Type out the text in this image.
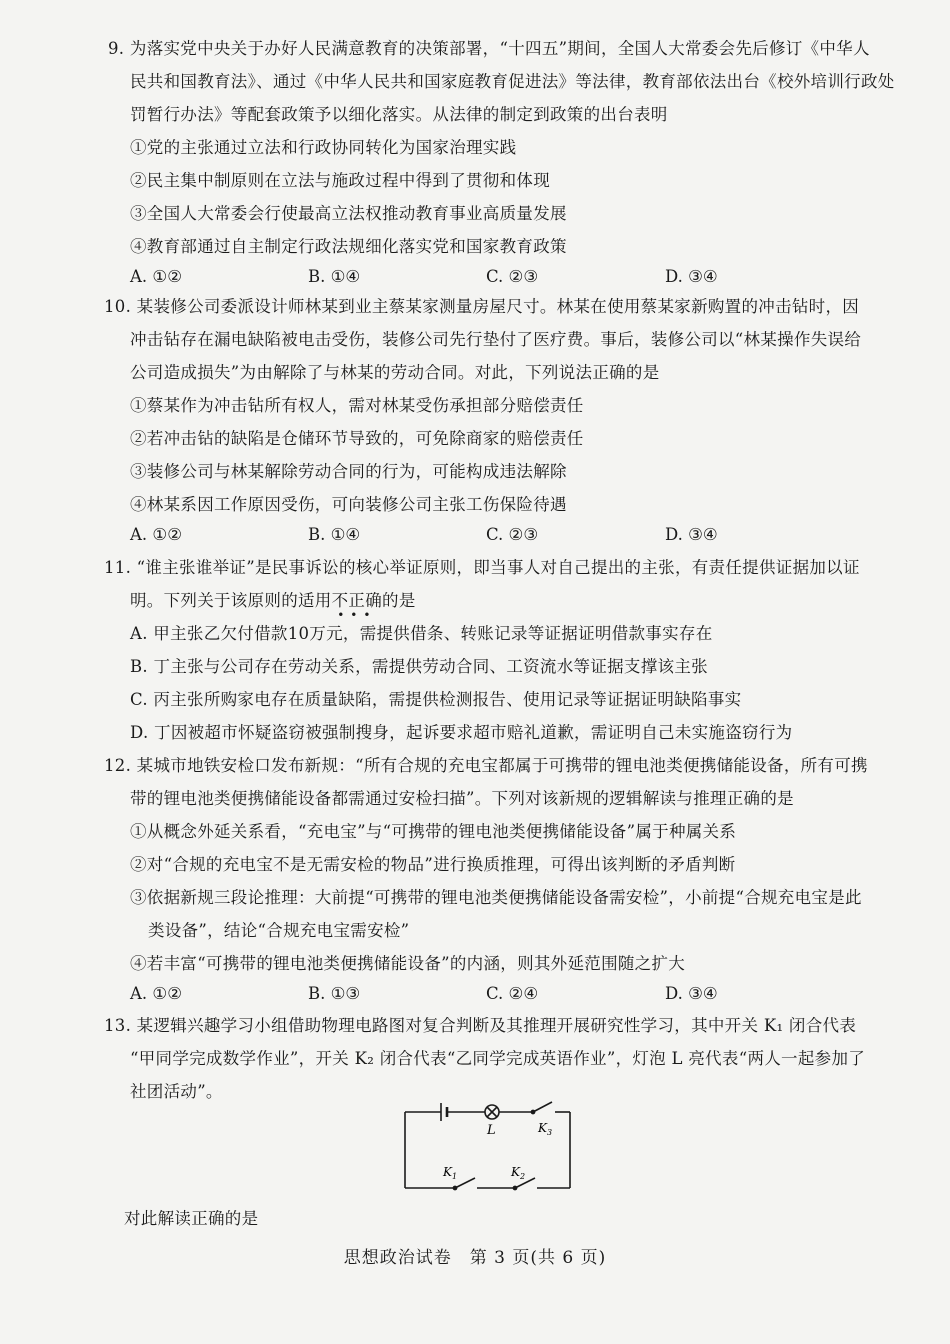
9. 为落实党中央关于办好人民满意教育的决策部署，“十四五”期间，全国人大常委会先后修订《中华人
民共和国教育法》、通过《中华人民共和国家庭教育促进法》等法律，教育部依法出台《校外培训行政处
罚暂行办法》等配套政策予以细化落实。从法律的制定到政策的出台表明
①党的主张通过立法和行政协同转化为国家治理实践
②民主集中制原则在立法与施政过程中得到了贯彻和体现
③全国人大常委会行使最高立法权推动教育事业高质量发展
④教育部通过自主制定行政法规细化落实党和国家教育政策
A. ①②	B. ①④	C. ②③	D. ③④
10. 某装修公司委派设计师林某到业主蔡某家测量房屋尺寸。林某在使用蔡某家新购置的冲击钻时，因
冲击钻存在漏电缺陷被电击受伤，装修公司先行垫付了医疗费。事后，装修公司以“林某操作失误给
公司造成损失”为由解除了与林某的劳动合同。对此，下列说法正确的是
①蔡某作为冲击钻所有权人，需对林某受伤承担部分赔偿责任
②若冲击钻的缺陷是仓储环节导致的，可免除商家的赔偿责任
③装修公司与林某解除劳动合同的行为，可能构成违法解除
④林某系因工作原因受伤，可向装修公司主张工伤保险待遇
A. ①②	B. ①④	C. ②③	D. ③④
11. “谁主张谁举证”是民事诉讼的核心举证原则，即当事人对自己提出的主张，有责任提供证据加以证
明。下列关于该原则的适用不正确
•••
的是
A. 甲主张乙欠付借款10万元，需提供借条、转账记录等证据证明借款事实存在
B. 丁主张与公司存在劳动关系，需提供劳动合同、工资流水等证据支撑该主张
C. 丙主张所购家电存在质量缺陷，需提供检测报告、使用记录等证据证明缺陷事实
D. 丁因被超市怀疑盗窃被强制搜身，起诉要求超市赔礼道歉，需证明自己未实施盗窃行为
12. 某城市地铁安检口发布新规：“所有合规的充电宝都属于可携带的锂电池类便携储能设备，所有可携
带的锂电池类便携储能设备都需通过安检扫描”。下列对该新规的逻辑解读与推理正确的是
①从概念外延关系看，“充电宝”与“可携带的锂电池类便携储能设备”属于种属关系
②对“合规的充电宝不是无需安检的物品”进行换质推理，可得出该判断的矛盾判断
③依据新规三段论推理：大前提“可携带的锂电池类便携储能设备需安检”，小前提“合规充电宝是此
类设备”，结论“合规充电宝需安检”
④若丰富“可携带的锂电池类便携储能设备”的内涵，则其外延范围随之扩大
A. ①②	B. ①③	C. ②④	D. ③④
13. 某逻辑兴趣学习小组借助物理电路图对复合判断及其推理开展研究性学习，其中开关 K₁ 闭合代表
“甲同学完成数学作业”，开关 K₂ 闭合代表“乙同学完成英语作业”，灯泡 L 亮代表“两人一起参加了
社团活动”。
L	K 3
K 1	K 2
对此解读正确的是
思想政治试卷　第 3 页(共 6 页)
